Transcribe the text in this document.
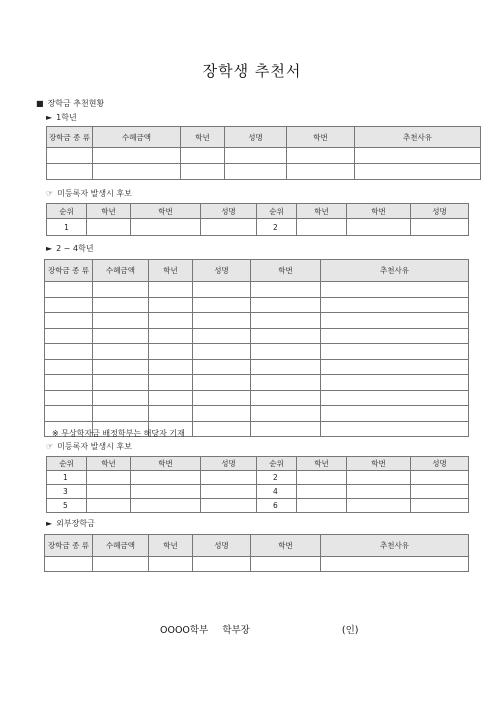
장학생 추천서
■ 장학금 추천현황
► 1학년
장학금 종 류	수혜금액	학년	성명	학번	추천사유

☞ 미등록자 발생시 후보
순위	학년	학번	성명	순위	학년	학번	성명
1				2			
► 2 ~ 4학년
장학금 종 류	수혜금액	학년	성명	학번	추천사유

※ 무상학자금 배정학부는 해당자 기재
☞ 미등록자 발생시 후보
순위	학년	학번	성명	순위	학년	학번	성명
1				2			
3				4			
5				6			
► 외부장학금
장학금 종 류	수혜금액	학년	성명	학번	추천사유

OOOO학부 학부장	(인)
